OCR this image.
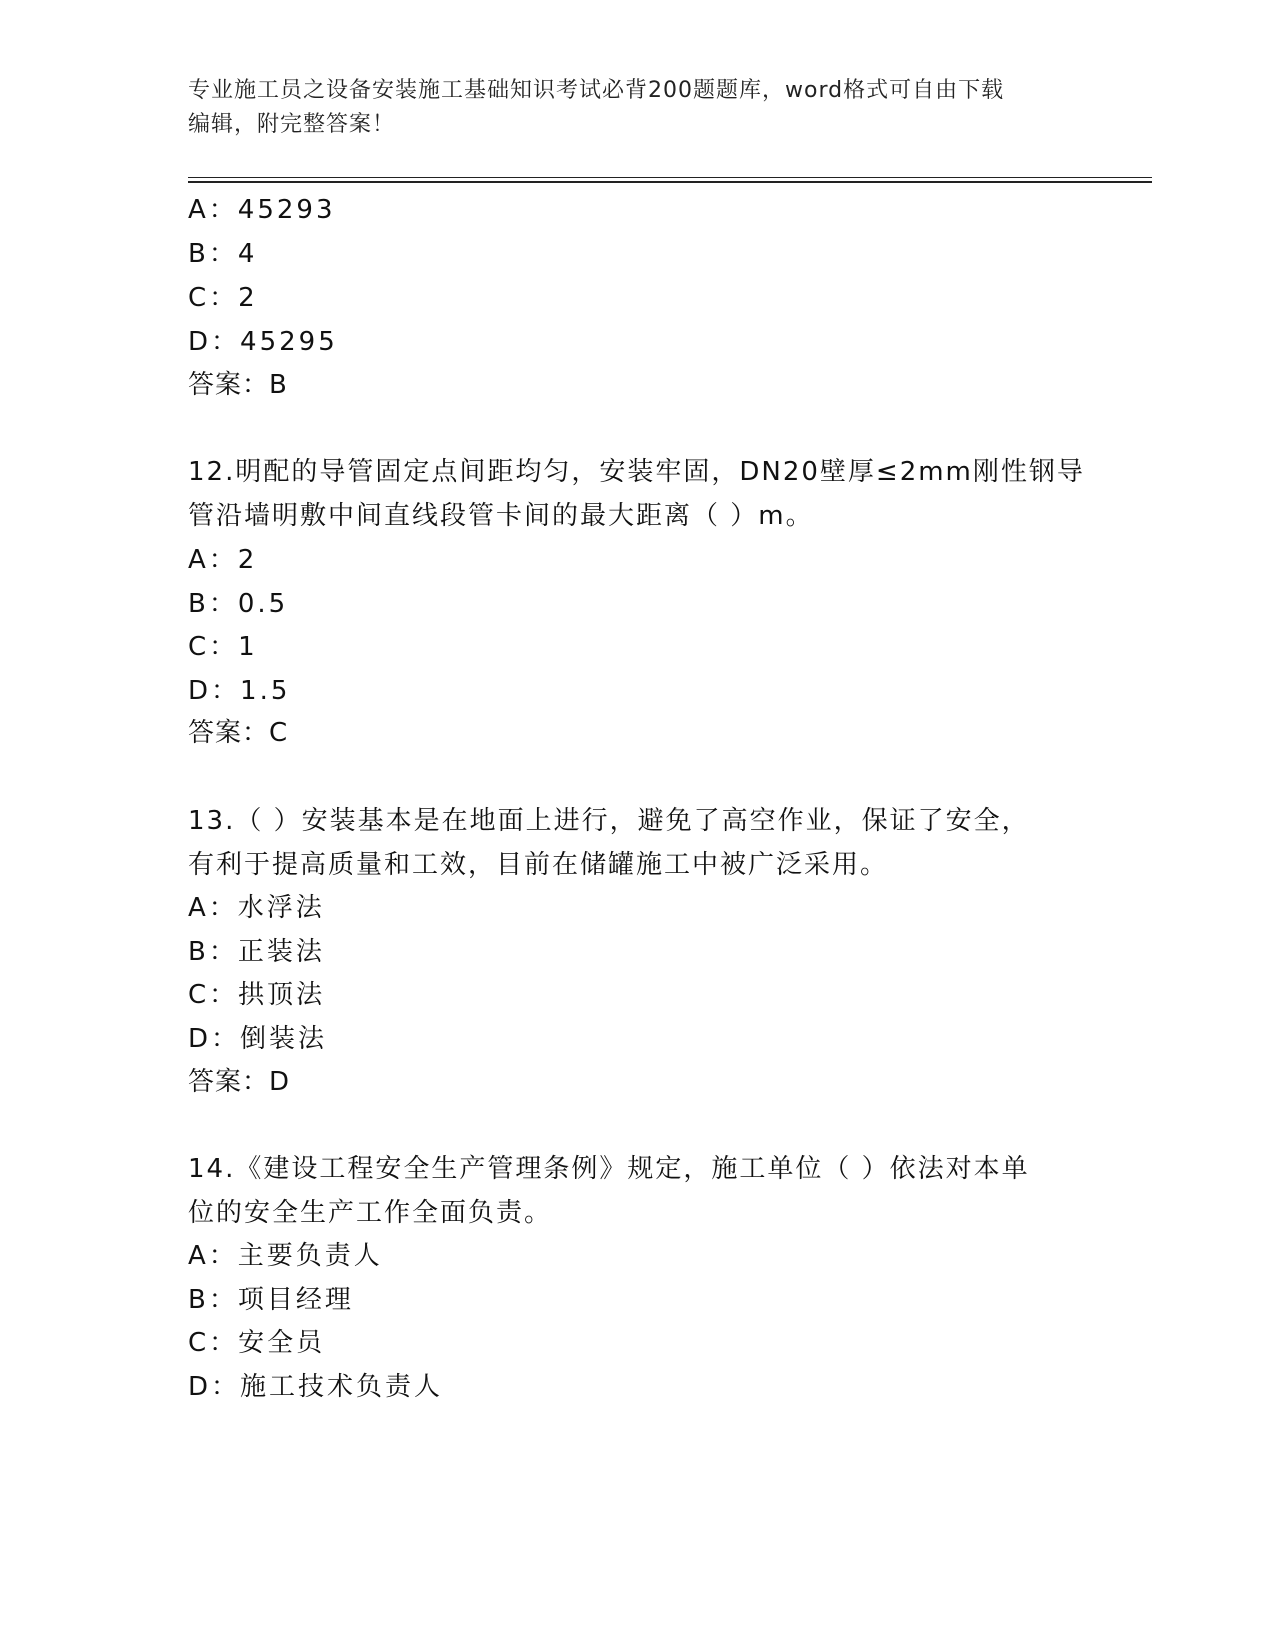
专业施工员之设备安装施工基础知识考试必背200题题库，word格式可自由下载
编辑，附完整答案！
A：45293
B：4
C：2
D：45295
答案：B
12.明配的导管固定点间距均匀，安装牢固，DN20壁厚≤2mm刚性钢导
管沿墙明敷中间直线段管卡间的最大距离（ ）m。
A：2
B：0.5
C：1
D：1.5
答案：C
13.（ ）安装基本是在地面上进行，避免了高空作业，保证了安全，
有利于提高质量和工效，目前在储罐施工中被广泛采用。
A：水浮法
B：正装法
C：拱顶法
D：倒装法
答案：D
14.《建设工程安全生产管理条例》规定，施工单位（ ）依法对本单
位的安全生产工作全面负责。
A：主要负责人
B：项目经理
C：安全员
D：施工技术负责人
